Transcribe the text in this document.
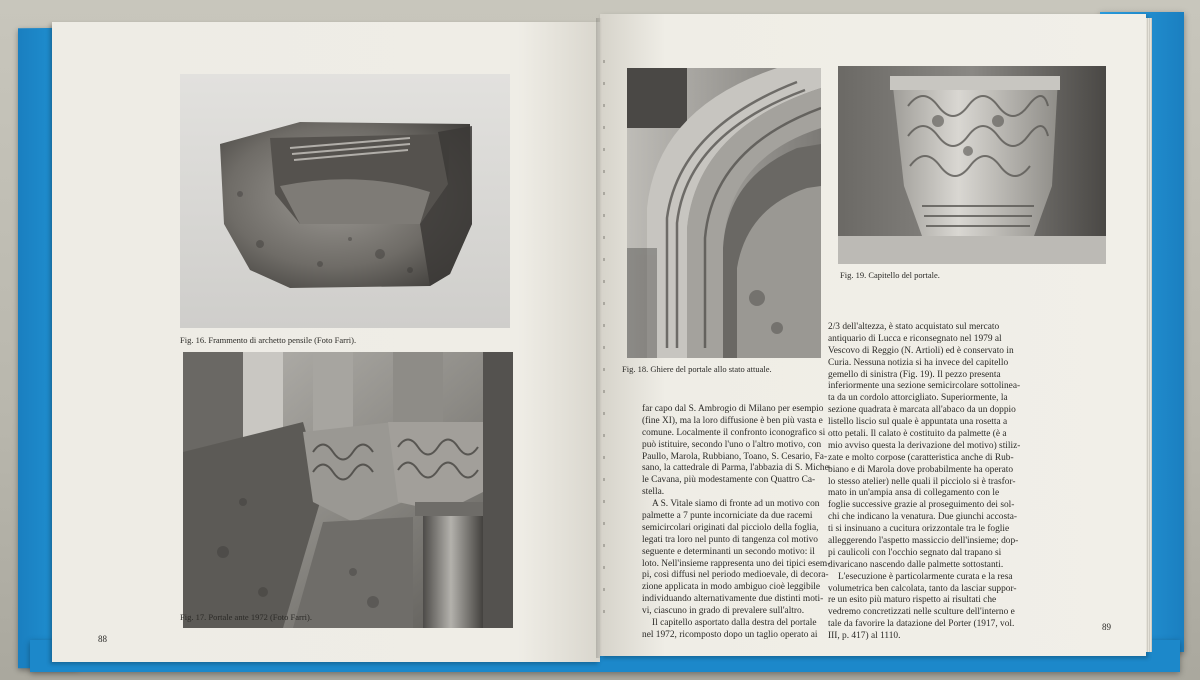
Fig. 16. Frammento di archetto pensile (Foto Farri).
Fig. 17. Portale ante 1972 (Foto Farri).
88
Fig. 18. Ghiere del portale allo stato attuale.
Fig. 19. Capitello del portale.
far capo dal S. Ambrogio di Milano per esempio
(fine XI), ma la loro diffusione è ben più vasta e
comune. Localmente il confronto iconografico si
può istituire, secondo l'uno o l'altro motivo, con
Paullo, Marola, Rubbiano, Toano, S. Cesario, Fa-
sano, la cattedrale di Parma, l'abbazia di S. Miche-
le Cavana, più modestamente con Quattro Ca-
stella.
A S. Vitale siamo di fronte ad un motivo con
palmette a 7 punte incorniciate da due racemi
semicircolari originati dal picciolo della foglia,
legati tra loro nel punto di tangenza col motivo
seguente e determinanti un secondo motivo: il
loto. Nell'insieme rappresenta uno dei tipici esem-
pi, così diffusi nel periodo medioevale, di decora-
zione applicata in modo ambiguo cioè leggibile
individuando alternativamente due distinti moti-
vi, ciascuno in grado di prevalere sull'altro.
Il capitello asportato dalla destra del portale
nel 1972, ricomposto dopo un taglio operato ai
2/3 dell'altezza, è stato acquistato sul mercato
antiquario di Lucca e riconsegnato nel 1979 al
Vescovo di Reggio (N. Artioli) ed è conservato in
Curia. Nessuna notizia si ha invece del capitello
gemello di sinistra (Fig. 19). Il pezzo presenta
inferiormente una sezione semicircolare sottolinea-
ta da un cordolo attorcigliato. Superiormente, la
sezione quadrata è marcata all'abaco da un doppio
listello liscio sul quale è appuntata una rosetta a
otto petali. Il calato è costituito da palmette (è a
mio avviso questa la derivazione del motivo) stiliz-
zate e molto corpose (caratteristica anche di Rub-
biano e di Marola dove probabilmente ha operato
lo stesso atelier) nelle quali il picciolo si è trasfor-
mato in un'ampia ansa di collegamento con le
foglie successive grazie al proseguimento dei sol-
chi che indicano la venatura. Due giunchi accosta-
ti si insinuano a cucitura orizzontale tra le foglie
alleggerendo l'aspetto massiccio dell'insieme; dop-
pi caulicoli con l'occhio segnato dal trapano si
divaricano nascendo dalle palmette sottostanti.
L'esecuzione è particolarmente curata e la resa
volumetrica ben calcolata, tanto da lasciar suppor-
re un esito più maturo rispetto ai risultati che
vedremo concretizzati nelle sculture dell'interno e
tale da favorire la datazione del Porter (1917, vol.
III, p. 417) al 1110.
89
